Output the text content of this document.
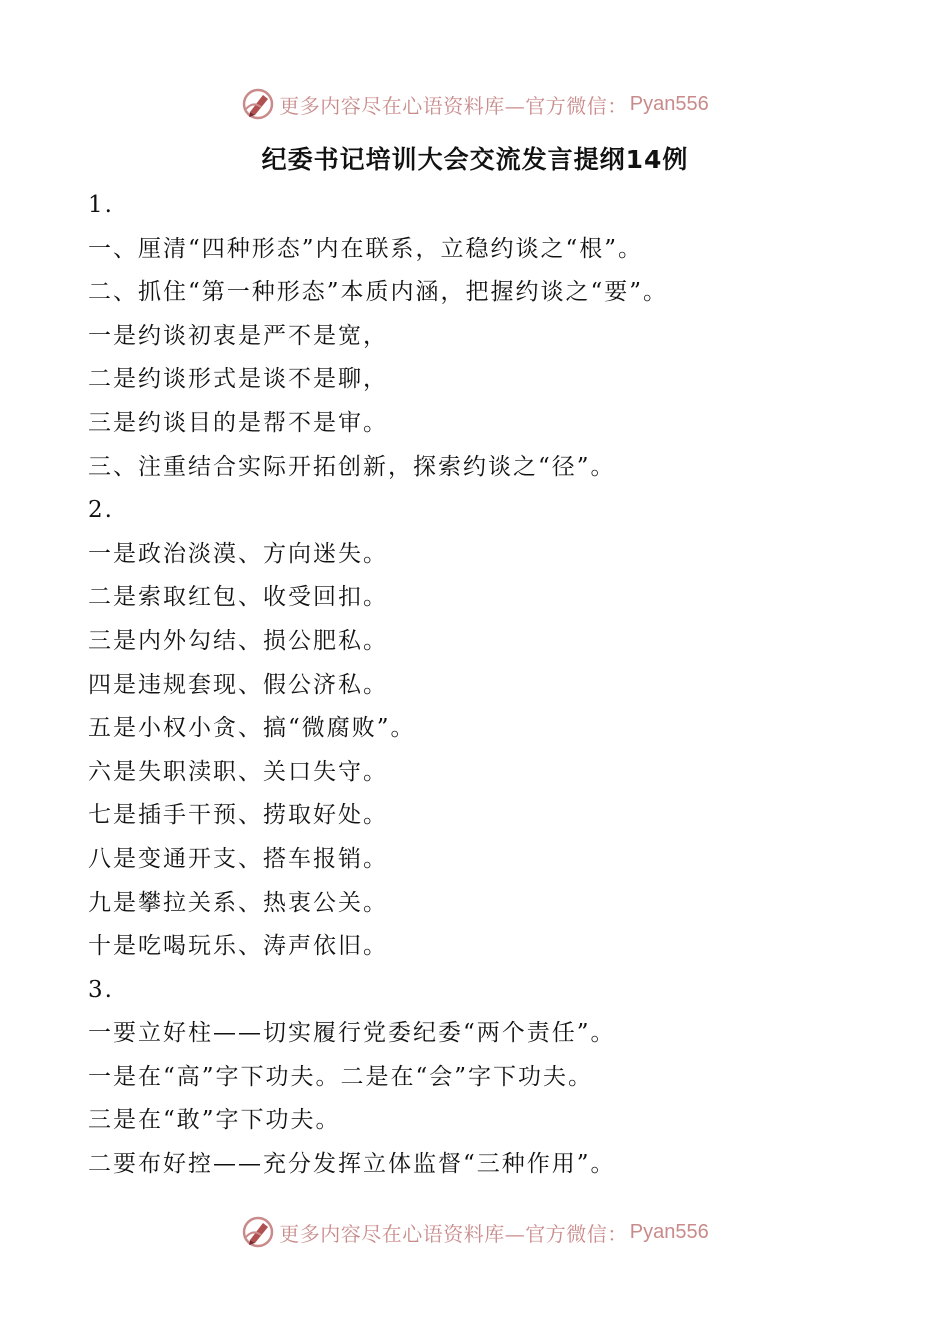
更多内容尽在心语资料库—官方微信： Pyan556
纪委书记培训大会交流发言提纲14例
1.
一、厘清“四种形态”内在联系，立稳约谈之“根”。
二、抓住“第一种形态”本质内涵，把握约谈之“要”。
一是约谈初衷是严不是宽，
二是约谈形式是谈不是聊，
三是约谈目的是帮不是审。
三、注重结合实际开拓创新，探索约谈之“径”。
2.
一是政治淡漠、方向迷失。
二是索取红包、收受回扣。
三是内外勾结、损公肥私。
四是违规套现、假公济私。
五是小权小贪、搞“微腐败”。
六是失职渎职、关口失守。
七是插手干预、捞取好处。
八是变通开支、搭车报销。
九是攀拉关系、热衷公关。
十是吃喝玩乐、涛声依旧。
3.
一要立好柱——切实履行党委纪委“两个责任”。
一是在“高”字下功夫。二是在“会”字下功夫。
三是在“敢”字下功夫。
二要布好控——充分发挥立体监督“三种作用”。
更多内容尽在心语资料库—官方微信： Pyan556
